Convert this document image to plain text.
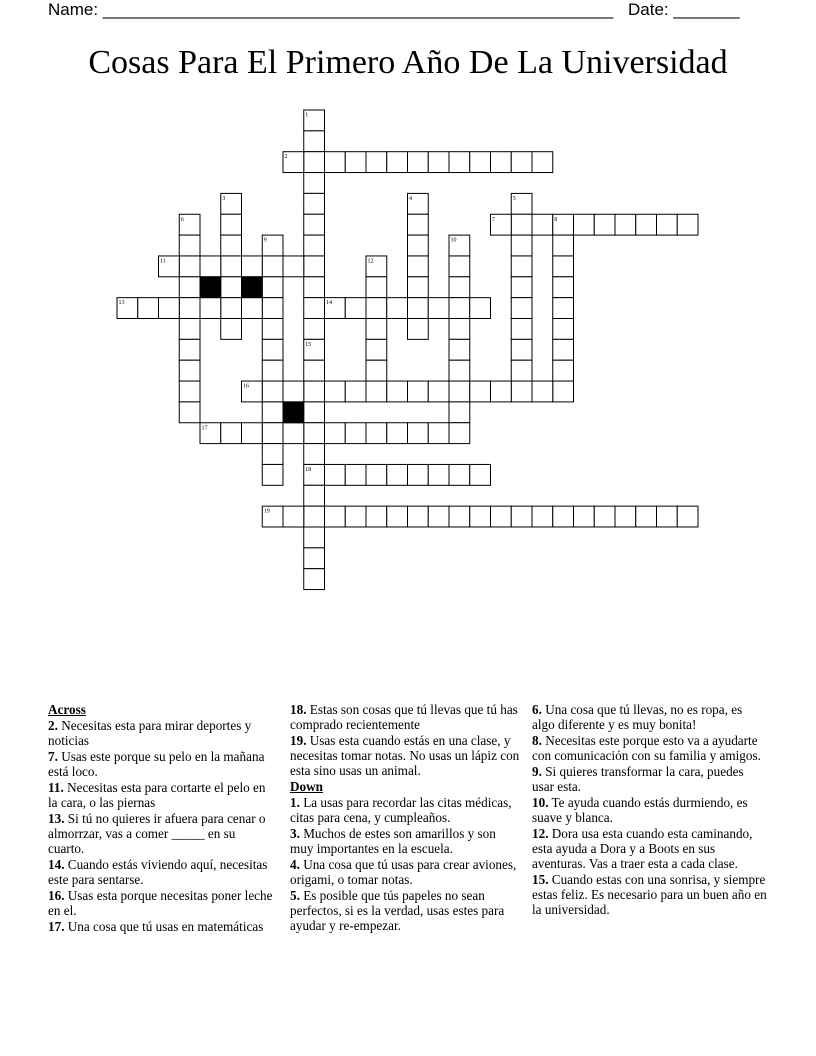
Name: ______________________________________________________ Date: _______
Cosas Para El Primero Año De La Universidad
1
2
3	4	5
6	7	8
9	10
11	12
13	14
15
16
17
18
19
Across
2. Necesitas esta para mirar deportes y noticias
7. Usas este porque su pelo en la mañana está loco.
11. Necesitas esta para cortarte el pelo en la cara, o las piernas
13. Si tú no quieres ir afuera para cenar o almorrzar, vas a comer _____ en su cuarto.
14. Cuando estás viviendo aquí, necesitas este para sentarse.
16. Usas esta porque necesitas poner leche en el.
17. Una cosa que tú usas en matemáticas
18. Estas son cosas que tú llevas que tú has comprado recientemente
19. Usas esta cuando estás en una clase, y necesitas tomar notas. No usas un lápiz con esta sino usas un animal.
Down
1. La usas para recordar las citas médicas, citas para cena, y cumpleaños.
3. Muchos de estes son amarillos y son muy importantes en la escuela.
4. Una cosa que tú usas para crear aviones, origami, o tomar notas.
5. Es posible que tús papeles no sean perfectos, si es la verdad, usas estes para ayudar y re-empezar.
6. Una cosa que tú llevas, no es ropa, es algo diferente y es muy bonita!
8. Necesitas este porque esto va a ayudarte con comunicación con su familia y amigos.
9. Si quieres transformar la cara, puedes usar esta.
10. Te ayuda cuando estás durmiendo, es suave y blanca.
12. Dora usa esta cuando esta caminando, esta ayuda a Dora y a Boots en sus aventuras. Vas a traer esta a cada clase.
15. Cuando estas con una sonrisa, y siempre estas feliz. Es necesario para un buen año en la universidad.
